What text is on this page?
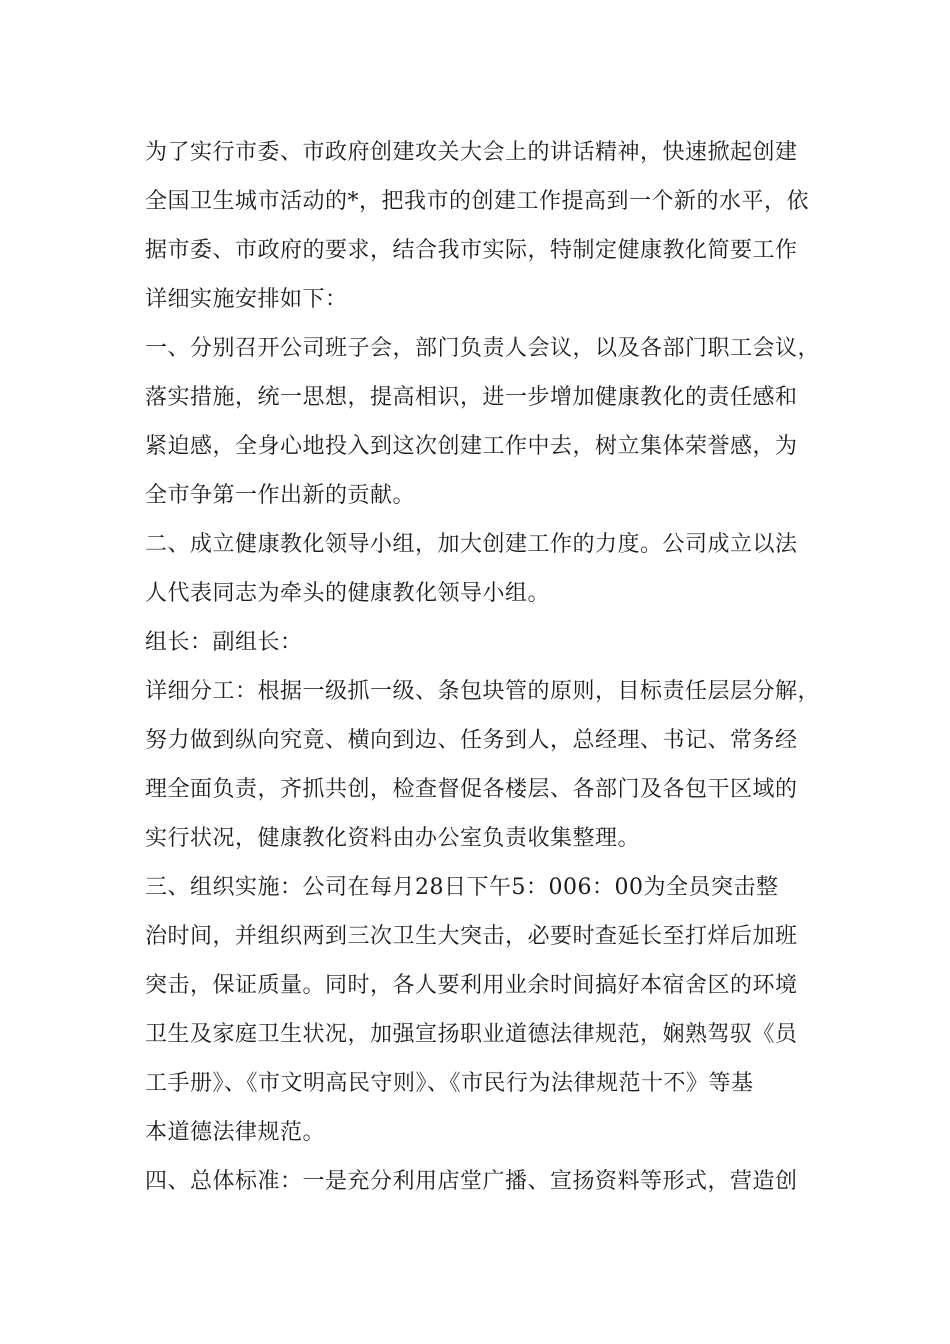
为了实行市委、市政府创建攻关大会上的讲话精神，快速掀起创建
全国卫生城市活动的*，把我市的创建工作提高到一个新的水平，依
据市委、市政府的要求，结合我市实际，特制定健康教化简要工作
详细实施安排如下：
一、分别召开公司班子会，部门负责人会议，以及各部门职工会议，
落实措施，统一思想，提高相识，进一步增加健康教化的责任感和
紧迫感，全身心地投入到这次创建工作中去，树立集体荣誉感，为
全市争第一作出新的贡献。
二、成立健康教化领导小组，加大创建工作的力度。公司成立以法
人代表同志为牵头的健康教化领导小组。
组长：副组长：
详细分工：根据一级抓一级、条包块管的原则，目标责任层层分解，
努力做到纵向究竟、横向到边、任务到人，总经理、书记、常务经
理全面负责，齐抓共创，检查督促各楼层、各部门及各包干区域的
实行状况，健康教化资料由办公室负责收集整理。
三、组织实施：公司在每月28日下午5：006：00为全员突击整
治时间，并组织两到三次卫生大突击，必要时查延长至打烊后加班
突击，保证质量。同时，各人要利用业余时间搞好本宿舍区的环境
卫生及家庭卫生状况，加强宣扬职业道德法律规范，娴熟驾驭《员
工手册》、《市文明高民守则》、《市民行为法律规范十不》等基
本道德法律规范。
四、总体标准：一是充分利用店堂广播、宣扬资料等形式，营造创
